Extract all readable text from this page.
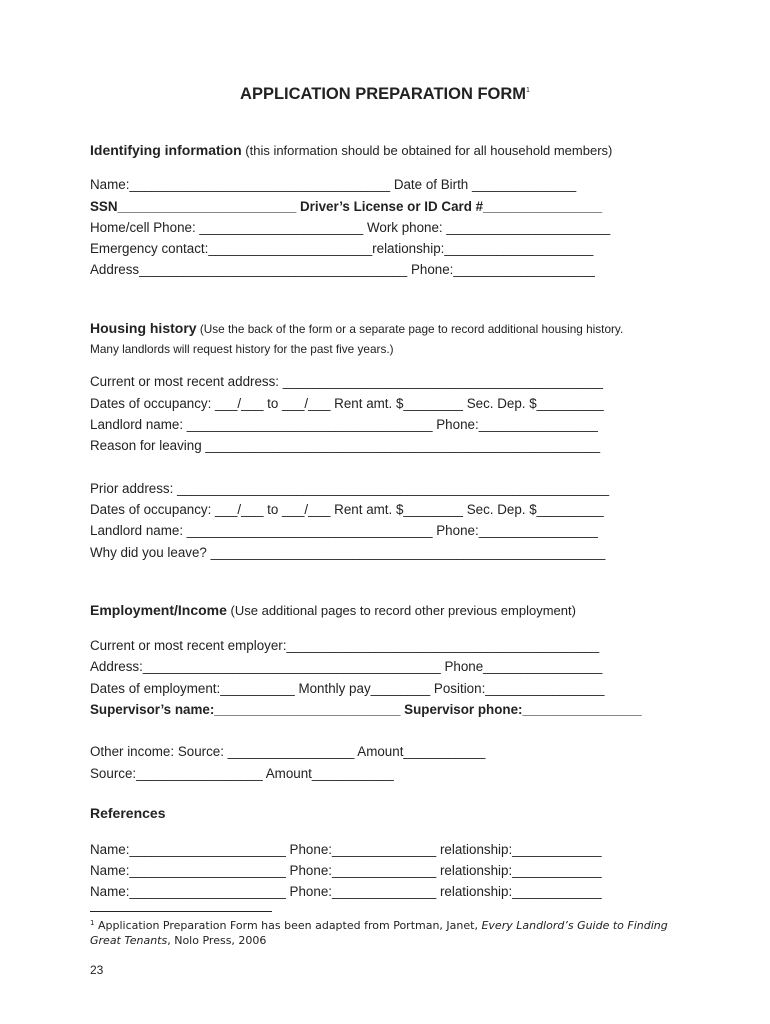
APPLICATION PREPARATION FORM$^1$
Identifying information (this information should be obtained for all household members)
Name:___________________________________ Date of Birth ______________
SSN________________________ Driver’s License or ID Card #________________
Home/cell Phone: ______________________ Work phone: ______________________
Emergency contact:______________________relationship:____________________
Address____________________________________ Phone:___________________
Housing history (Use the back of the form or a separate page to record additional housing history.
Many landlords will request history for the past five years.)
Current or most recent address: ___________________________________________
Dates of occupancy: ___/___ to ___/___ Rent amt. $________ Sec. Dep. $_________
Landlord name: _________________________________ Phone:________________
Reason for leaving _____________________________________________________
Prior address: __________________________________________________________
Dates of occupancy: ___/___ to ___/___ Rent amt. $________ Sec. Dep. $_________
Landlord name: _________________________________ Phone:________________
Why did you leave? _____________________________________________________
Employment/Income (Use additional pages to record other previous employment)
Current or most recent employer:__________________________________________
Address:________________________________________ Phone________________
Dates of employment:__________ Monthly pay________ Position:________________
Supervisor’s name:_________________________ Supervisor phone:________________
Other income: Source: _________________ Amount___________
Source:_________________ Amount___________
References
Name:_____________________ Phone:______________ relationship:____________
Name:_____________________ Phone:______________ relationship:____________
Name:_____________________ Phone:______________ relationship:____________
$^1$ Application Preparation Form has been adapted from Portman, Janet, Every Landlord’s Guide to Finding
Great Tenants, Nolo Press, 2006
23
